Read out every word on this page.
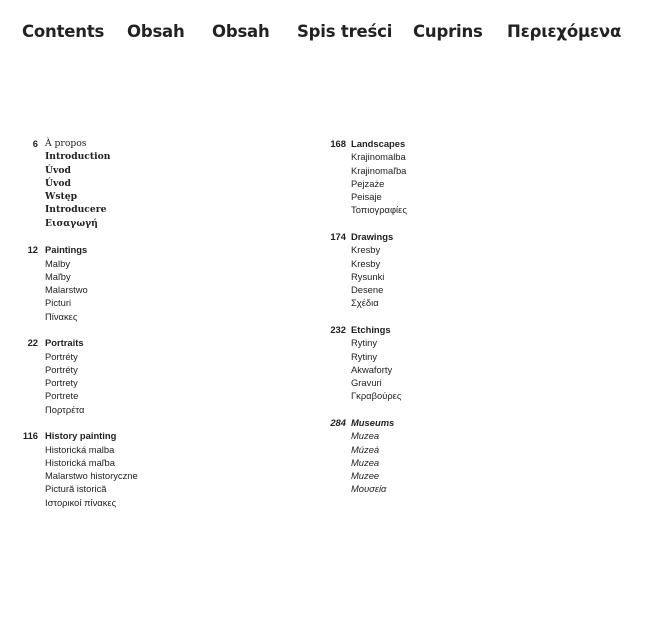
Contents Obsah Obsah Spis treści Cuprins Περιεχόμενα
6 À propos
Introduction
Úvod
Úvod
Wstęp
Introducere
Εισαγωγή
12 Paintings
Malby
Maľby
Malarstwo
Picturi
Πίνακες
22 Portraits
Portréty
Portréty
Portrety
Portrete
Πορτρέτα
116 History painting
Historická malba
Historická maľba
Malarstwo historyczne
Pictură istorică
Ιστορικοί πίνακες
168 Landscapes
Krajinomalba
Krajinomaľba
Pejzaże
Peisaje
Τοπιογραφίες
174 Drawings
Kresby
Kresby
Rysunki
Desene
Σχέδια
232 Etchings
Rytiny
Rytiny
Akwaforty
Gravuri
Γκραβούρες
284 Museums
Muzea
Múzeá
Muzea
Muzee
Μουσεία
